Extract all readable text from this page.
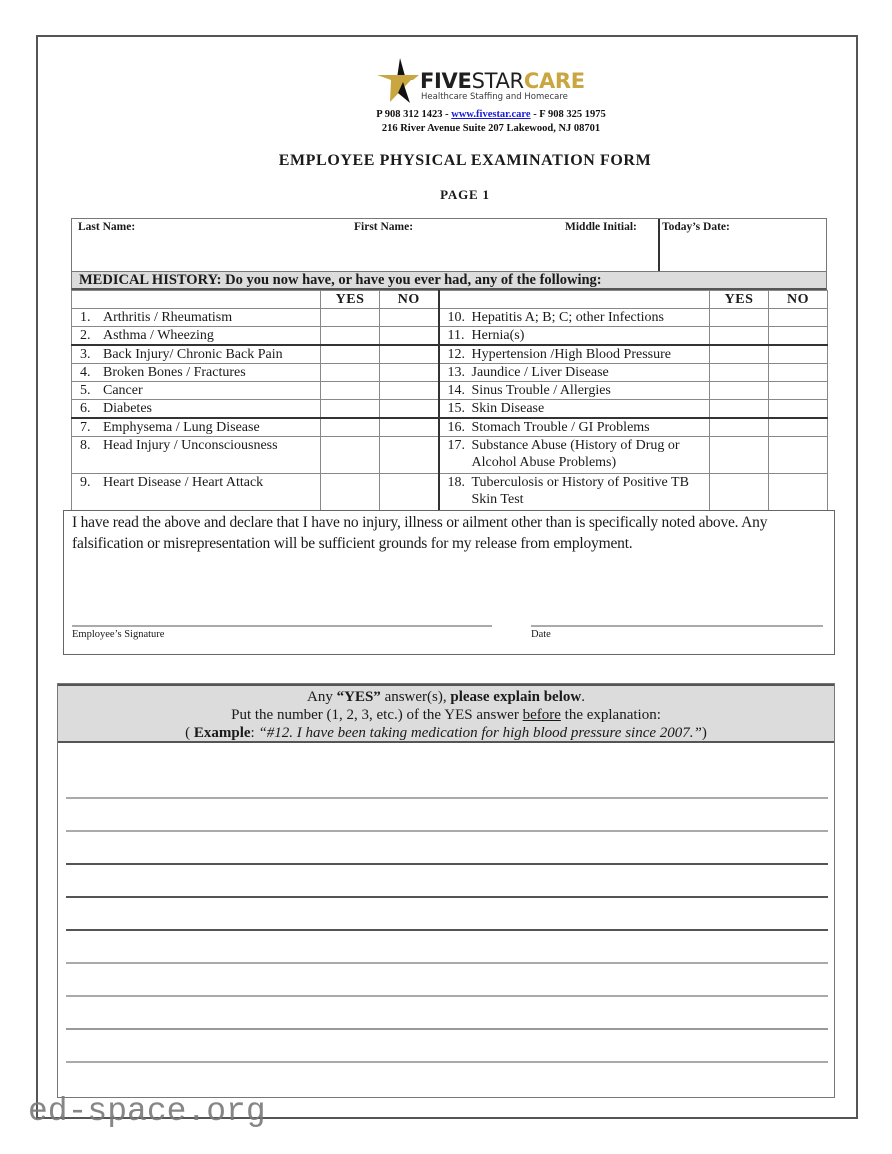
FIVESTARCARE
Healthcare Staffing and Homecare
P 908 312 1423 - www.fivestar.care - F 908 325 1975
216 River Avenue Suite 207 Lakewood, NJ 08701
EMPLOYEE PHYSICAL EXAMINATION FORM
PAGE 1
Last Name:	First Name:	Middle Initial: Today’s Date:
MEDICAL HISTORY: Do you now have, or have you ever had, any of the following:
	YES	NO		YES	NO

1. Arthritis / Rheumatism			10. Hepatitis A; B; C; other Infections		

2. Asthma / Wheezing			11. Hernia(s)		

3. Back Injury/ Chronic Back Pain			12. Hypertension /High Blood Pressure		

4. Broken Bones / Fractures			13. Jaundice / Liver Disease		

5. Cancer			14. Sinus Trouble / Allergies		

6. Diabetes			15. Skin Disease		

7. Emphysema / Lung Disease			16. Stomach Trouble / GI Problems		

8. Head Injury / Unconsciousness			17. Substance Abuse (History of Drug or Alcohol Abuse Problems)		

9. Heart Disease / Heart Attack			18. Tuberculosis or History of Positive TB Skin Test		

I have read the above and declare that I have no injury, illness or ailment other than is specifically noted above. Any falsification or misrepresentation will be sufficient grounds for my release from employment.
Employee’s Signature	Date
Any “YES” answer(s), please explain below.
Put the number (1, 2, 3, etc.) of the YES answer before the explanation:
( Example: “#12. I have been taking medication for high blood pressure since 2007.”)
ed-space.org
